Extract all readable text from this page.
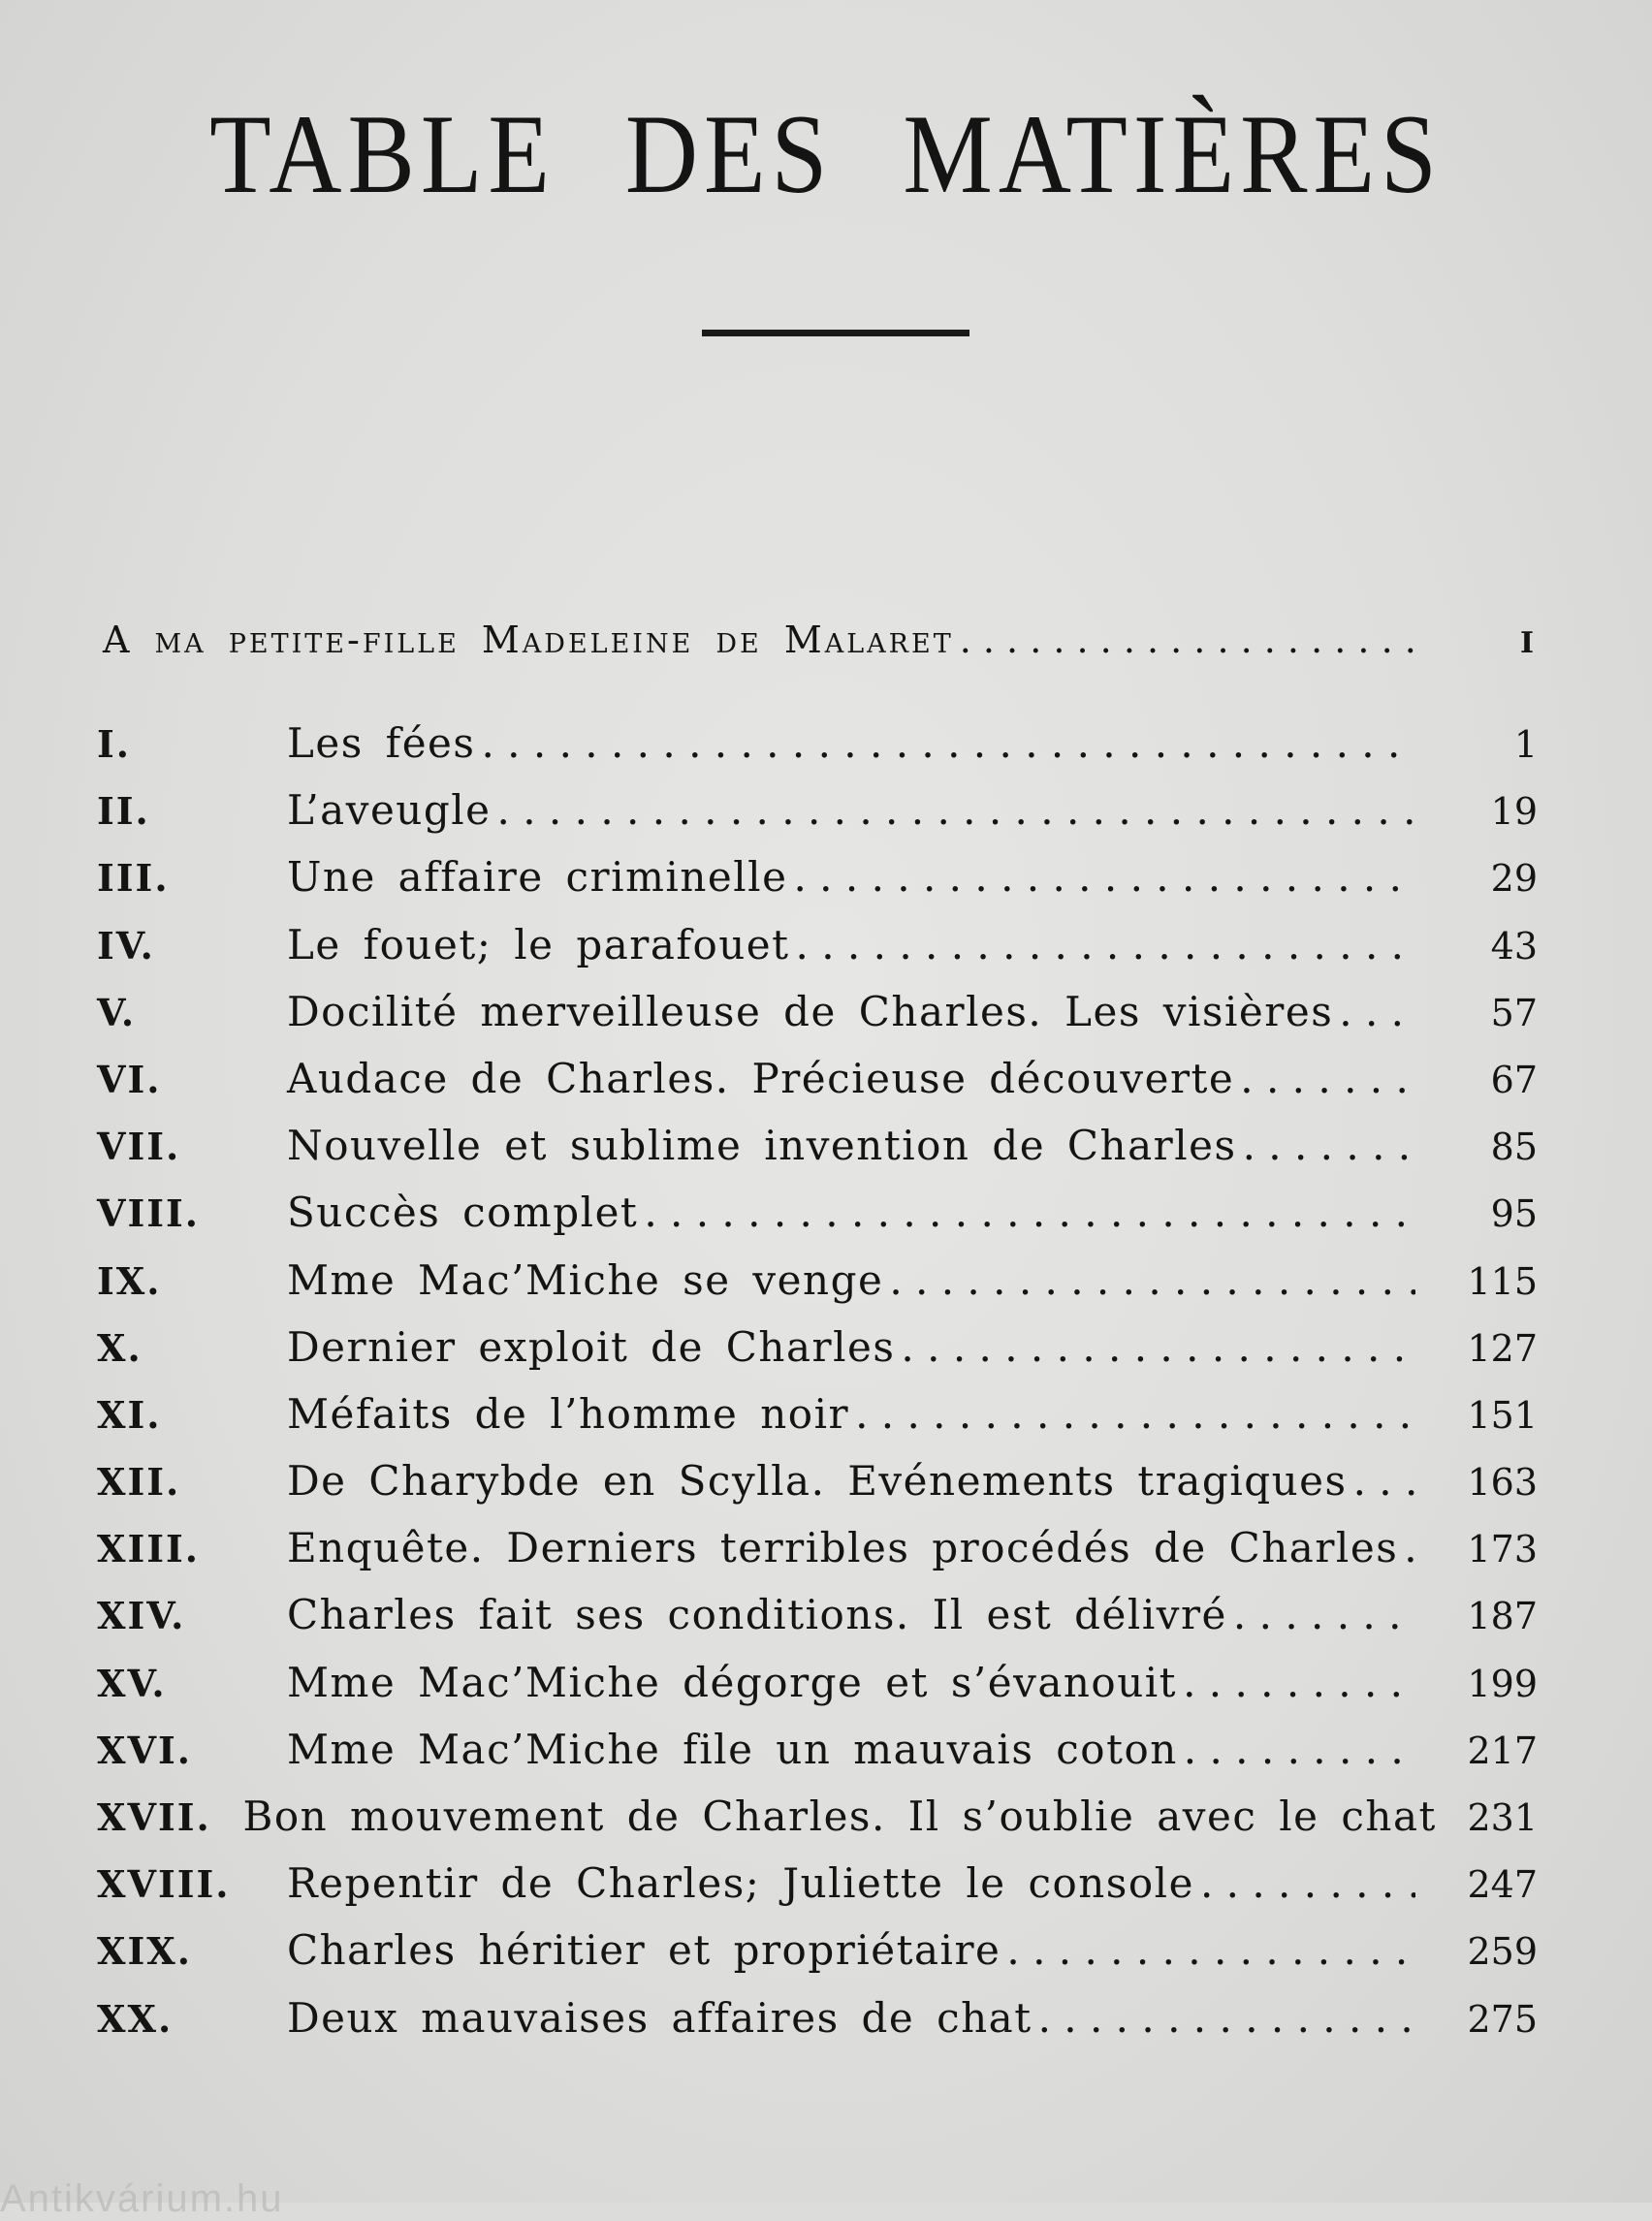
TABLE DES MATIÈRES
A ma petite-fille Madeleine de Malaret . . .	I
I.	Les fées . . .	1
II.	L’aveugle . . .	19
III.	Une affaire criminelle . . .	29
IV.	Le fouet; le parafouet . . .	43
V.	Docilité merveilleuse de Charles. Les visières . . .	57
VI.	Audace de Charles. Précieuse découverte . . .	67
VII.	Nouvelle et sublime invention de Charles . . .	85
VIII.	Succès complet . . .	95
IX.	Mme Mac’Miche se venge . . .	115
X.	Dernier exploit de Charles . . .	127
XI.	Méfaits de l’homme noir . . .	151
XII.	De Charybde en Scylla. Evénements tragiques . . .	163
XIII.	Enquête. Derniers terribles procédés de Charles . . .	173
XIV.	Charles fait ses conditions. Il est délivré . . .	187
XV.	Mme Mac’Miche dégorge et s’évanouit . . .	199
XVI.	Mme Mac’Miche file un mauvais coton . . .	217
XVII. Bon mouvement de Charles. Il s’oublie avec le chat 231
XVIII.	Repentir de Charles; Juliette le console . . .	247
XIX.	Charles héritier et propriétaire . . .	259
XX.	Deux mauvaises affaires de chat . . .	275
Antikvárium.hu
